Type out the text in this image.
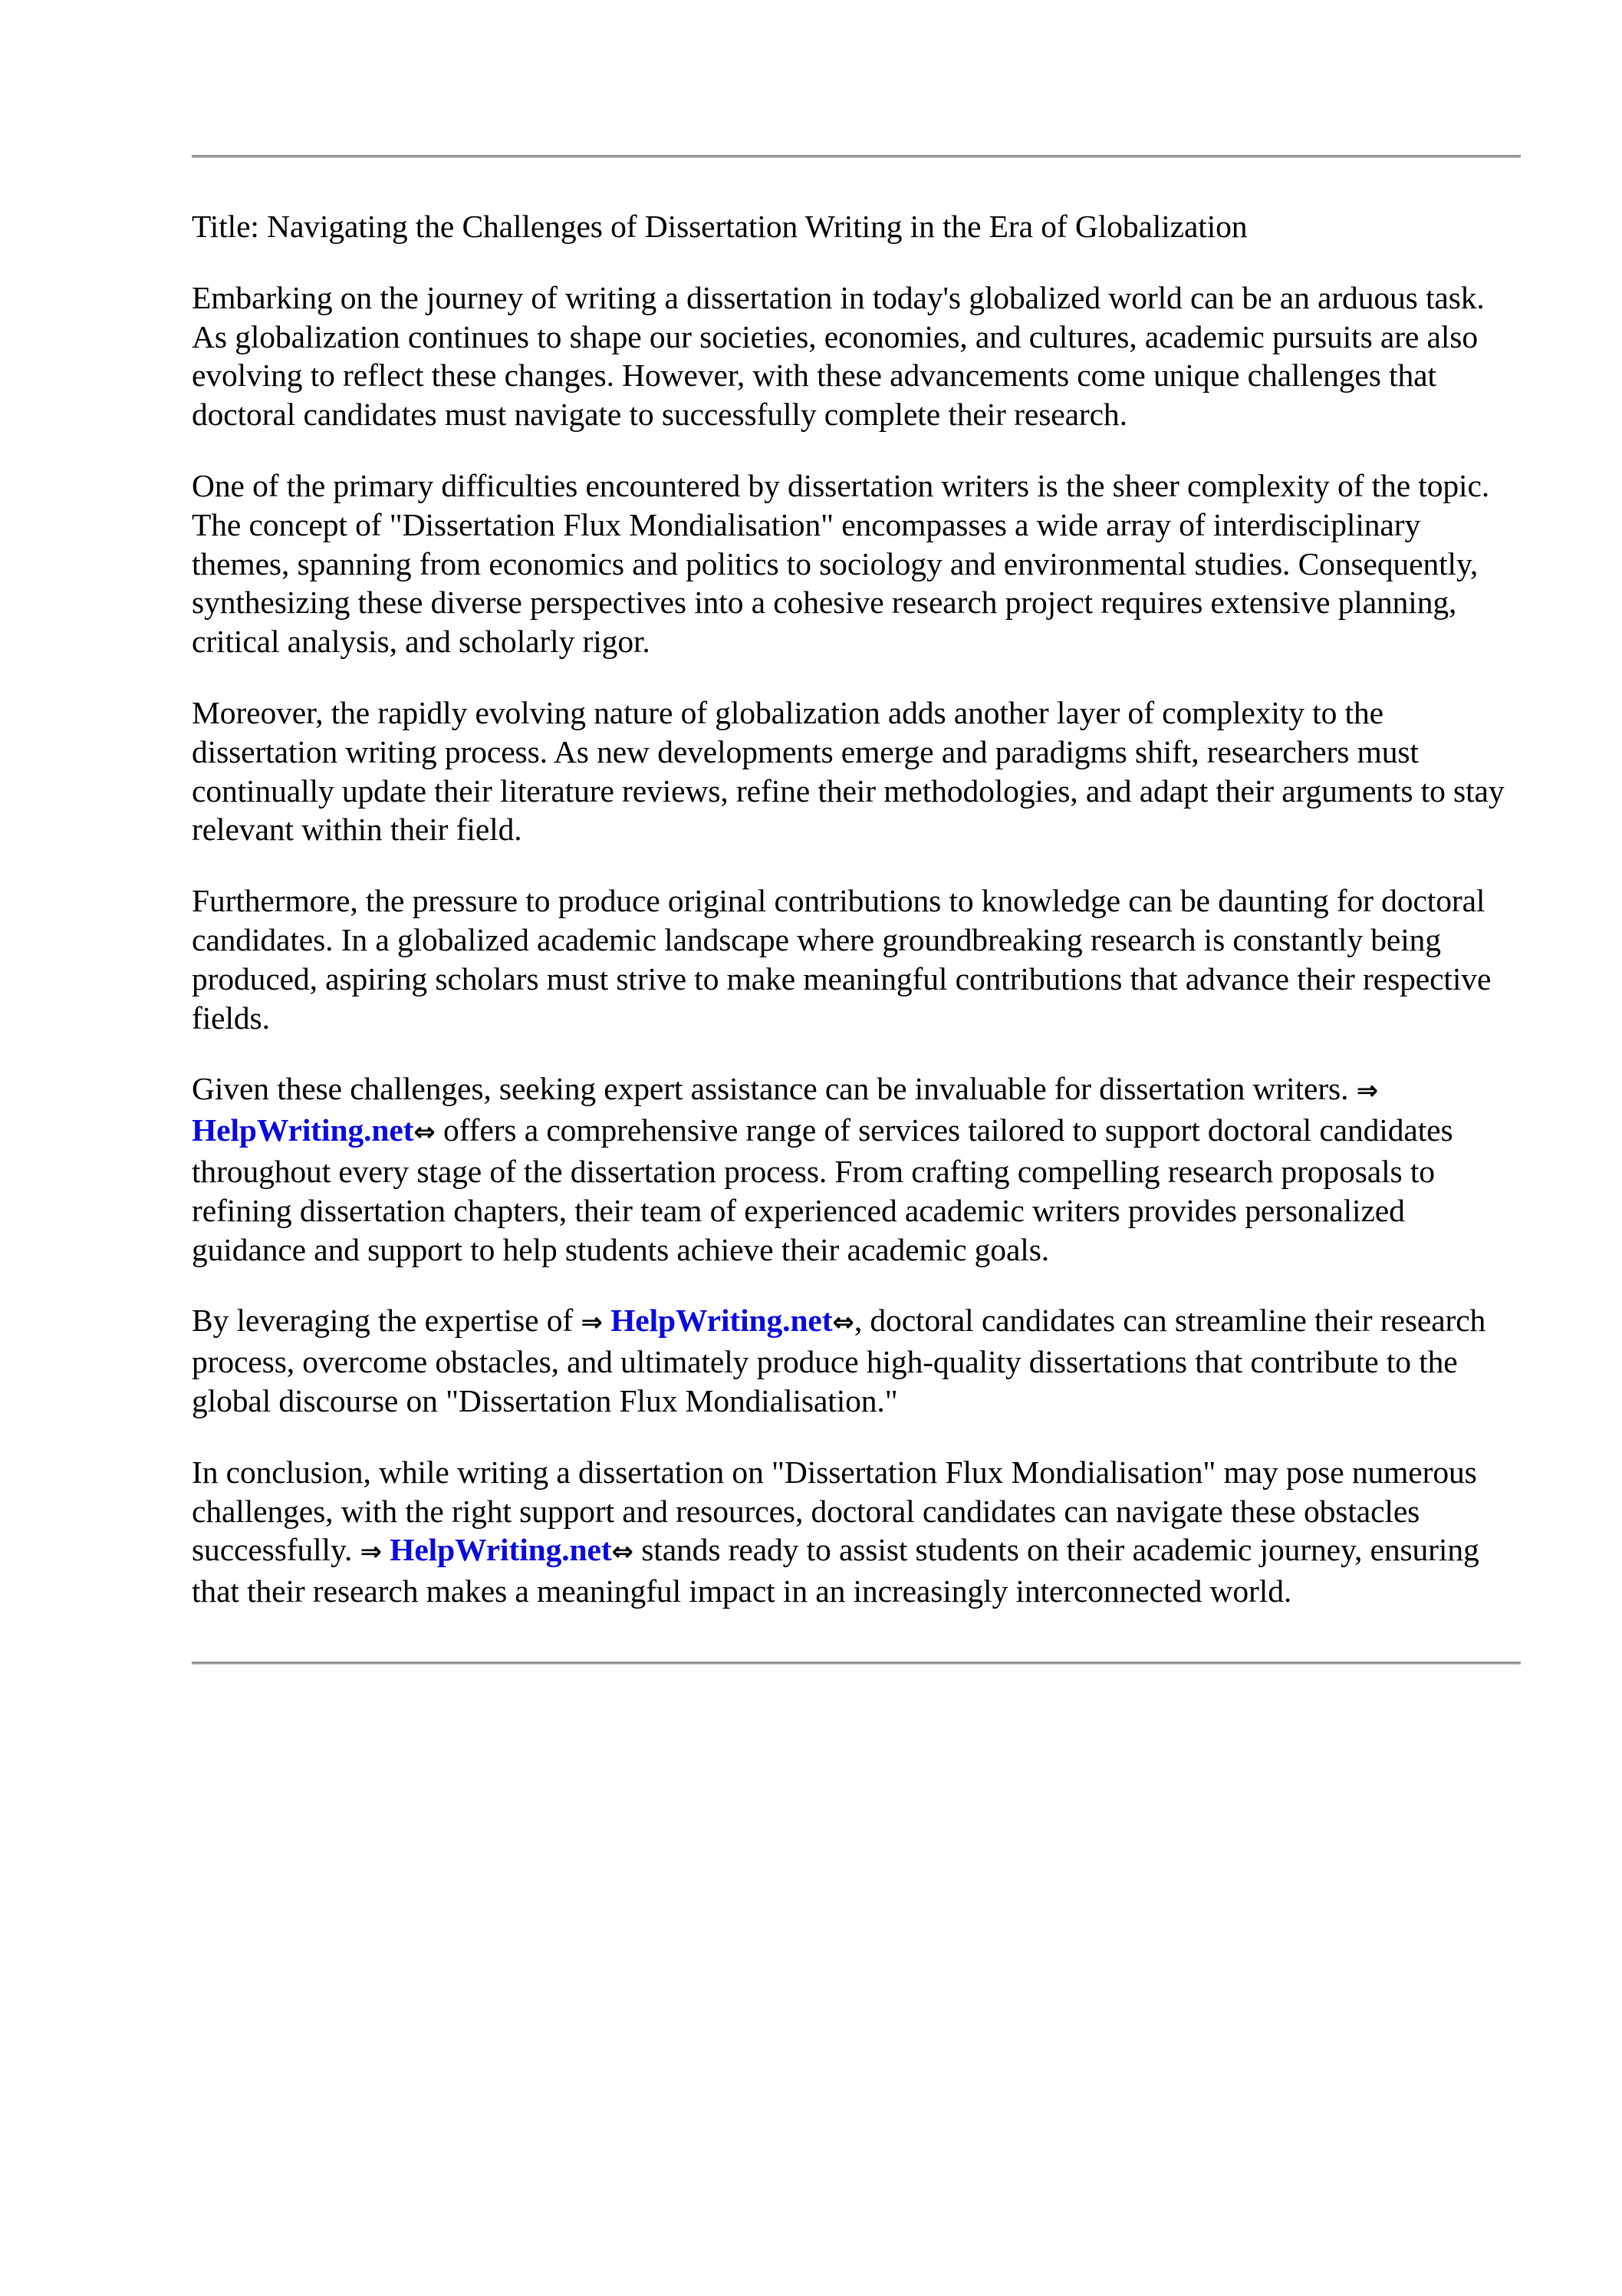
Title: Navigating the Challenges of Dissertation Writing in the Era of Globalization

Embarking on the journey of writing a dissertation in today's globalized world can be an arduous task. As globalization continues to shape our societies, economies, and cultures, academic pursuits are also evolving to reflect these changes. However, with these advancements come unique challenges that doctoral candidates must navigate to successfully complete their research.

One of the primary difficulties encountered by dissertation writers is the sheer complexity of the topic. The concept of "Dissertation Flux Mondialisation" encompasses a wide array of interdisciplinary themes, spanning from economics and politics to sociology and environmental studies. Consequently, synthesizing these diverse perspectives into a cohesive research project requires extensive planning, critical analysis, and scholarly rigor.

Moreover, the rapidly evolving nature of globalization adds another layer of complexity to the dissertation writing process. As new developments emerge and paradigms shift, researchers must continually update their literature reviews, refine their methodologies, and adapt their arguments to stay relevant within their field.

Furthermore, the pressure to produce original contributions to knowledge can be daunting for doctoral candidates. In a globalized academic landscape where groundbreaking research is constantly being produced, aspiring scholars must strive to make meaningful contributions that advance their respective fields.

Given these challenges, seeking expert assistance can be invaluable for dissertation writers. ⇒
HelpWriting.net⇔ offers a comprehensive range of services tailored to support doctoral candidates throughout every stage of the dissertation process. From crafting compelling research proposals to refining dissertation chapters, their team of experienced academic writers provides personalized guidance and support to help students achieve their academic goals.

By leveraging the expertise of ⇒ HelpWriting.net⇔, doctoral candidates can streamline their research process, overcome obstacles, and ultimately produce high-quality dissertations that contribute to the global discourse on "Dissertation Flux Mondialisation."

In conclusion, while writing a dissertation on "Dissertation Flux Mondialisation" may pose numerous challenges, with the right support and resources, doctoral candidates can navigate these obstacles successfully. ⇒ HelpWriting.net⇔ stands ready to assist students on their academic journey, ensuring that their research makes a meaningful impact in an increasingly interconnected world.
